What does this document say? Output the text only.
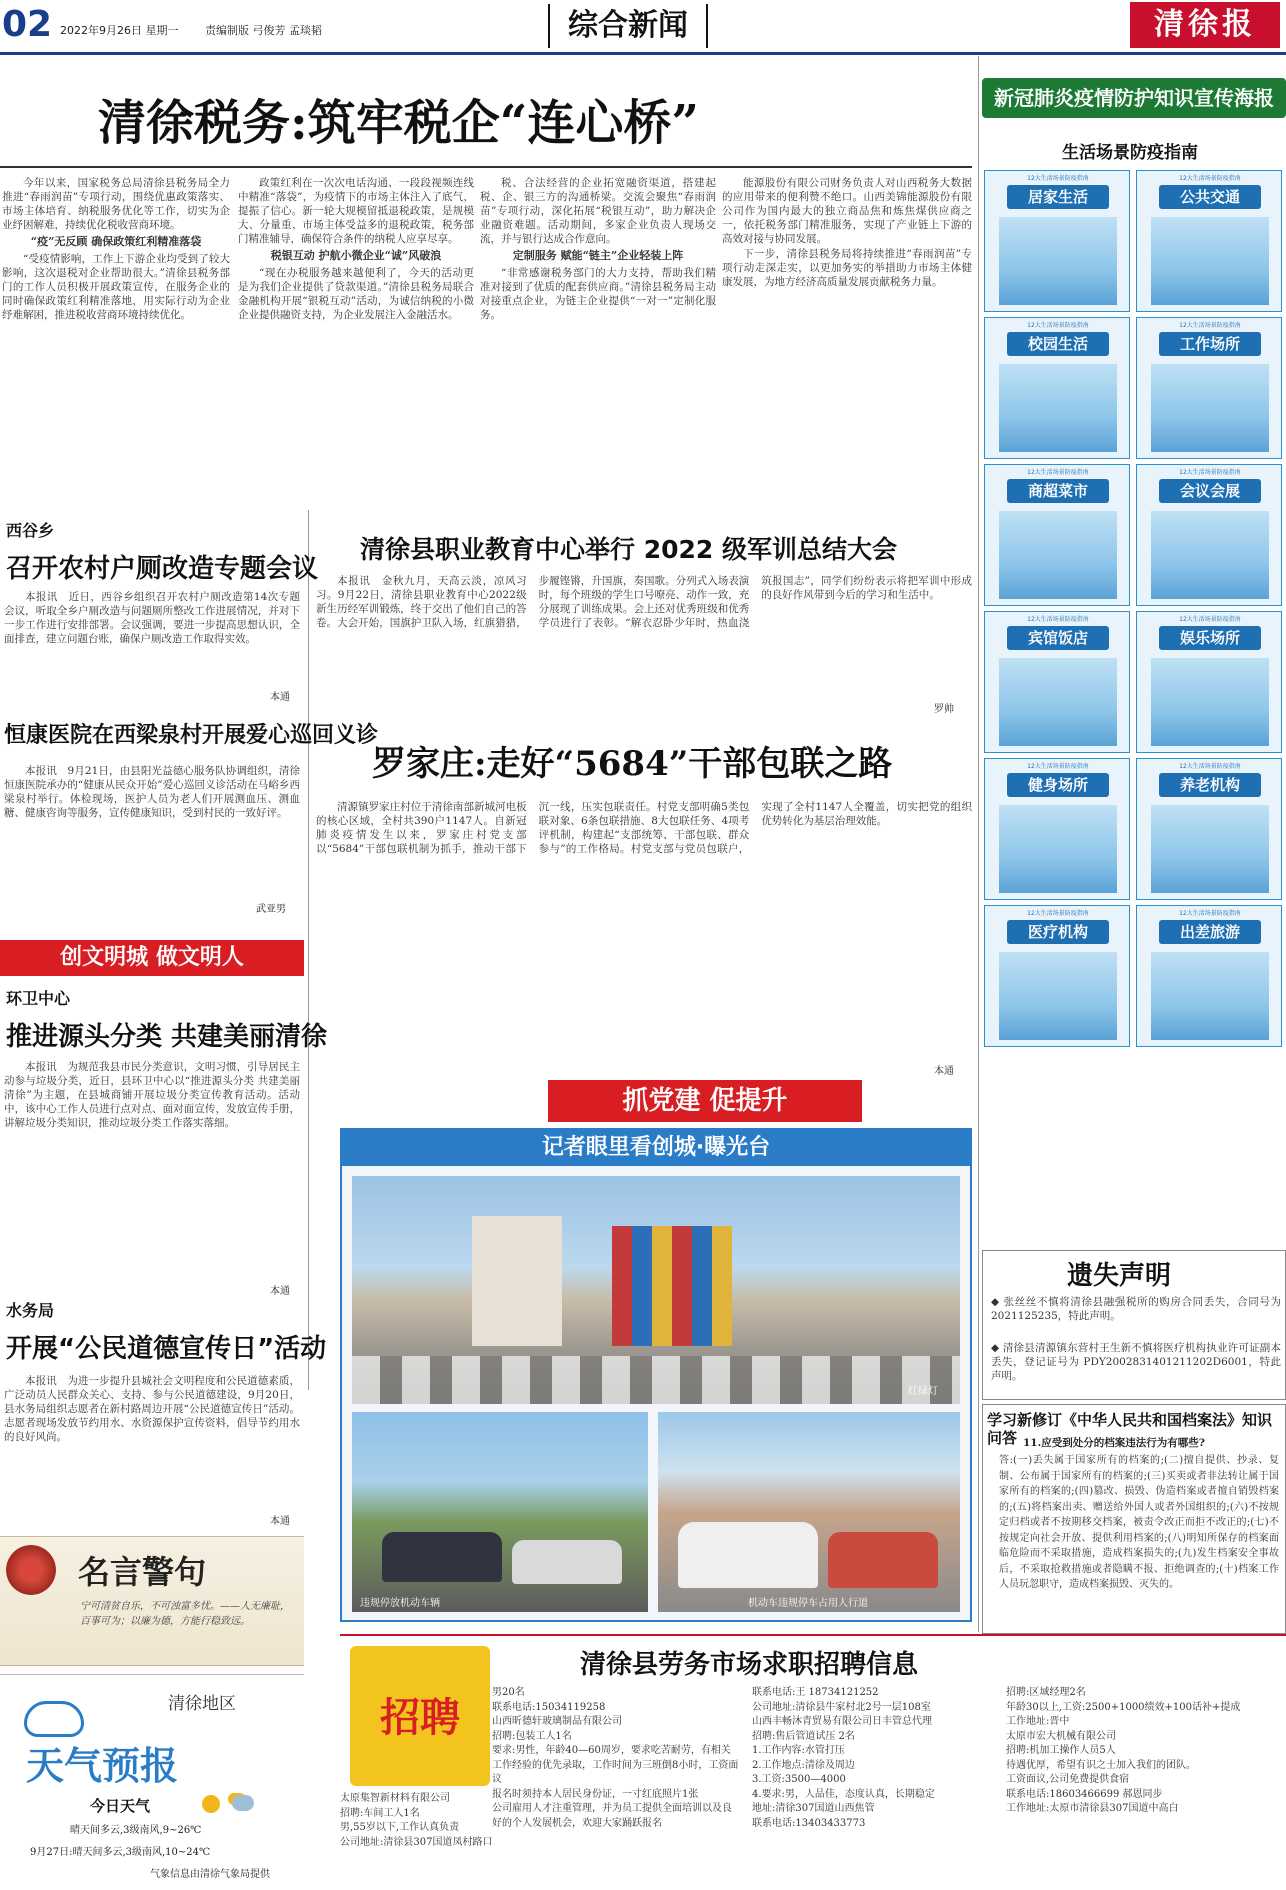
02 2022年9月26日 星期一 责编制版 弓俊芳 孟琰韬	综合新闻	清徐报
清徐税务:筑牢税企“连心桥”

今年以来，国家税务总局清徐县税务局全力推进“春雨润苗”专项行动，围绕优惠政策落实、市场主体培育、纳税服务优化等工作，切实为企业纾困解难，持续优化税收营商环境。

“疫”无反顾 确保政策红利精准落袋

“受疫情影响，工作上下游企业均受到了较大影响，这次退税对企业帮助很大。”清徐县税务部门的工作人员积极开展政策宣传，在服务企业的同时确保政策红利精准落地，用实际行动为企业纾难解困，推进税收营商环境持续优化。

政策红利在一次次电话沟通、一段段视频连线中精准“落袋”，为疫情下的市场主体注入了底气，提振了信心。新一轮大规模留抵退税政策，是规模大、分量重、市场主体受益多的退税政策，税务部门精准辅导，确保符合条件的纳税人应享尽享。

税银互动 护航小微企业“诚”风破浪

“现在办税服务越来越便利了，今天的活动更是为我们企业提供了贷款渠道。”清徐县税务局联合金融机构开展“银税互动”活动，为诚信纳税的小微企业提供融资支持，为企业发展注入金融活水。

税、合法经营的企业拓宽融资渠道，搭建起税、企、银三方的沟通桥梁。交流会聚焦“春雨润苗”专项行动，深化拓展“税银互动”，助力解决企业融资难题。活动期间，多家企业负责人现场交流，并与银行达成合作意向。

定制服务 赋能“链主”企业轻装上阵

“非常感谢税务部门的大力支持，帮助我们精准对接到了优质的配套供应商。”清徐县税务局主动对接重点企业，为链主企业提供“一对一”定制化服务。

能源股份有限公司财务负责人对山西税务大数据的应用带来的便利赞不绝口。山西美锦能源股份有限公司作为国内最大的独立商品焦和炼焦煤供应商之一，依托税务部门精准服务，实现了产业链上下游的高效对接与协同发展。

下一步，清徐县税务局将持续推进“春雨润苗”专项行动走深走实，以更加务实的举措助力市场主体健康发展，为地方经济高质量发展贡献税务力量。

西谷乡
召开农村户厕改造专题会议

本报讯　近日，西谷乡组织召开农村户厕改造第14次专题会议，听取全乡户厕改造与问题厕所整改工作进展情况，并对下一步工作进行安排部署。会议强调，要进一步提高思想认识，全面排查，建立问题台账，确保户厕改造工作取得实效。

本通
恒康医院在西梁泉村开展爱心巡回义诊

本报讯　9月21日，由县阳光益德心服务队协调组织，清徐恒康医院承办的“健康从民众开始”爱心巡回义诊活动在马峪乡西梁泉村举行。体检现场，医护人员为老人们开展测血压、测血糖、健康咨询等服务，宣传健康知识，受到村民的一致好评。

武亚男
创文明城 做文明人
环卫中心
推进源头分类 共建美丽清徐

本报讯　为规范我县市民分类意识，文明习惯，引导居民主动参与垃圾分类，近日，县环卫中心以“推进源头分类 共建美丽清徐”为主题，在县城商铺开展垃圾分类宣传教育活动。活动中，该中心工作人员进行点对点、面对面宣传，发放宣传手册，讲解垃圾分类知识，推动垃圾分类工作落实落细。

本通
水务局
开展“公民道德宣传日”活动

本报讯　为进一步提升县城社会文明程度和公民道德素质，广泛动员人民群众关心、支持、参与公民道德建设，9月20日，县水务局组织志愿者在新村路周边开展“公民道德宣传日”活动。志愿者现场发放节约用水、水资源保护宣传资料，倡导节约用水的良好风尚。

本通
名言警句
宁可清贫自乐，不可浊富多忧。——人无廉耻，百事可为；以廉为德，方能行稳致远。
清徐地区
天气预报
今日天气
晴天间多云,3级南风,9~26℃
9月27日:晴天间多云,3级南风,10~24℃
气象信息由清徐气象局提供
清徐县职业教育中心举行 2022 级军训总结大会

本报讯　金秋九月，天高云淡，凉风习习。9月22日，清徐县职业教育中心2022级新生历经军训锻炼，终于交出了他们自己的答卷。大会开始，国旗护卫队入场，红旗猎猎，步履铿锵，升国旗，奏国歌。分列式入场表演时，每个班级的学生口号嘹亮、动作一致，充分展现了训练成果。会上还对优秀班级和优秀学员进行了表彰。“解衣忍卧少年时，热血浇筑报国志”，同学们纷纷表示将把军训中形成的良好作风带到今后的学习和生活中。

罗帅
罗家庄:走好“5684”干部包联之路

清源镇罗家庄村位于清徐南部新城河电板的核心区域，全村共390户1147人。自新冠肺炎疫情发生以来，罗家庄村党支部以“5684”干部包联机制为抓手，推动干部下沉一线，压实包联责任。村党支部明确5类包联对象、6条包联措施、8大包联任务、4项考评机制，构建起“支部统筹、干部包联、群众参与”的工作格局。村党支部与党员包联户，实现了全村1147人全覆盖，切实把党的组织优势转化为基层治理效能。

本通
抓党建 促提升
记者眼里看创城·曝光台
红绿灯
违规停放机动车辆	机动车违规停车占用人行道
清徐县劳务市场求职招聘信息
招聘
男20名
联系电话:15034119258
山西昕德轩玻璃制品有限公司
招聘:包装工人1名
要求:男性，年龄40—60周岁，要求吃苦耐劳，有相关工作经验的优先录取，工作时间为三班倒8小时，工资面议
报名时须持本人居民身份证，一寸红底照片1张
公司雇用人才注重管理，并为员工提供全面培训以及良好的个人发展机会，欢迎大家踊跃报名
太原集智新材料有限公司
招聘:车间工人1名
男,55岁以下,工作认真负责
公司地址:清徐县307国道凤村路口
联系电话:王 18734121252
公司地址:清徐县牛家村北2号一层108室
山西丰畅沐青贸易有限公司日丰管总代理
招聘:售后管道试压 2名
1.工作内容:水管打压
2.工作地点:清徐及周边
3.工资:3500—4000
4.要求:男，人品佳，态度认真，长期稳定
地址:清徐307国道山西焦管
联系电话:13403433773
招聘:区域经理2名
年龄30以上,工资:2500+1000绩效+100话补+提成
工作地址:晋中
太原市宏大机械有限公司
招聘:机加工操作人员5人
待遇优厚，希望有识之士加入我们的团队。
工资面议,公司免费提供食宿
联系电话:18603466699 郝恩同步
工作地址:太原市清徐县307国道中高白
新冠肺炎疫情防护知识宣传海报
生活场景防疫指南
12大生活场景防疫指南
居家生活
12大生活场景防疫指南
公共交通
12大生活场景防疫指南
校园生活
12大生活场景防疫指南
工作场所
12大生活场景防疫指南
商超菜市
12大生活场景防疫指南
会议会展
12大生活场景防疫指南
宾馆饭店
12大生活场景防疫指南
娱乐场所
12大生活场景防疫指南
健身场所
12大生活场景防疫指南
养老机构
12大生活场景防疫指南
医疗机构
12大生活场景防疫指南
出差旅游
遗失声明
◆ 张丝丝不慎将清徐县融强税所的购房合同丢失，合同号为 2021125235，特此声明。
◆ 清徐县清源镇东营村王生新不慎将医疗机构执业许可证副本丢失，登记证号为 PDY2002831401211202D6001，特此声明。
学习新修订《中华人民共和国档案法》知识问答 11.应受到处分的档案违法行为有哪些?
答:(一)丢失属于国家所有的档案的;(二)擅自提供、抄录、复制、公布属于国家所有的档案的;(三)买卖或者非法转让属于国家所有的档案的;(四)篡改、损毁、伪造档案或者擅自销毁档案的;(五)将档案出卖、赠送给外国人或者外国组织的;(六)不按规定归档或者不按期移交档案，被责令改正而拒不改正的;(七)不按规定向社会开放、提供利用档案的;(八)明知所保存的档案面临危险而不采取措施，造成档案损失的;(九)发生档案安全事故后，不采取抢救措施或者隐瞒不报、拒绝调查的;(十)档案工作人员玩忽职守，造成档案损毁、灭失的。
